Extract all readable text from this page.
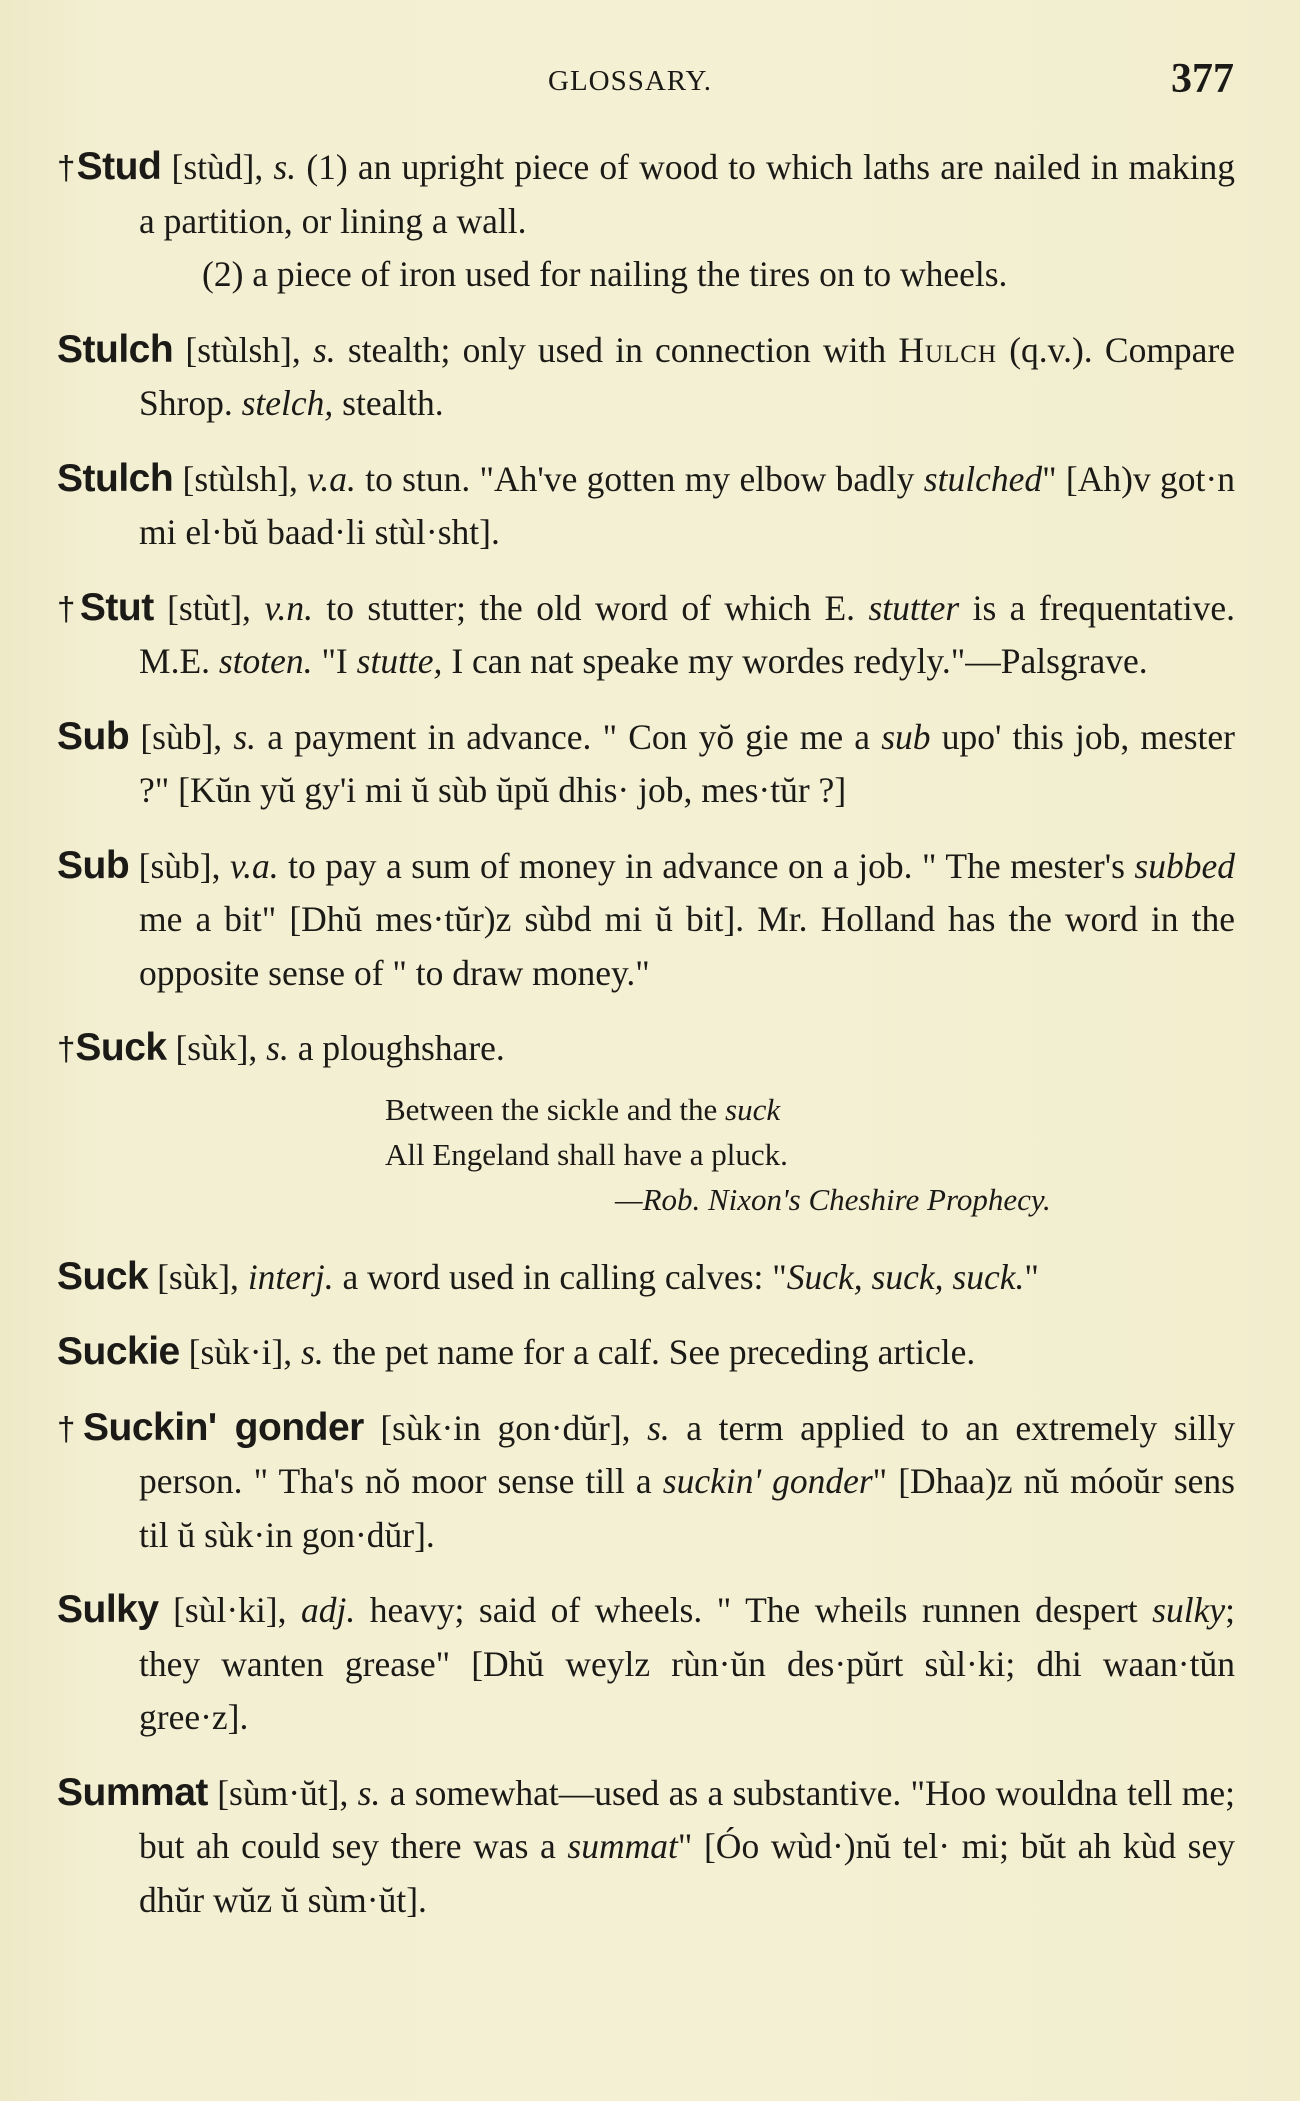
GLOSSARY.	377

†Stud [stùd], s. (1) an upright piece of wood to which laths are nailed in making a partition, or lining a wall.

(2) a piece of iron used for nailing the tires on to wheels.

Stulch [stùlsh], s. stealth; only used in connection with Hulch (q.v.). Compare Shrop. stelch, stealth.

Stulch [stùlsh], v.a. to stun. "Ah've gotten my elbow badly stulched" [Ah)v got·n mi el·bŭ baad·li stùl·sht].

†Stut [stùt], v.n. to stutter; the old word of which E. stutter is a frequentative. M.E. stoten. "I stutte, I can nat speake my wordes redyly."—Palsgrave.

Sub [sùb], s. a payment in advance. " Con yŏ gie me a sub upo' this job, mester ?" [Kŭn yŭ gy'i mi ŭ sùb ŭpŭ dhis· job, mes·tŭr ?]

Sub [sùb], v.a. to pay a sum of money in advance on a job. " The mester's subbed me a bit" [Dhŭ mes·tŭr)z sùbd mi ŭ bit]. Mr. Holland has the word in the opposite sense of " to draw money."

†Suck [sùk], s. a ploughshare.

Between the sickle and the suck
All Engeland shall have a pluck.
—Rob. Nixon's Cheshire Prophecy.

Suck [sùk], interj. a word used in calling calves: "Suck, suck, suck."

Suckie [sùk·i], s. the pet name for a calf. See preceding article.

†Suckin' gonder [sùk·in gon·dŭr], s. a term applied to an extremely silly person. " Tha's nŏ moor sense till a suckin' gonder" [Dhaa)z nŭ móoŭr sens til ŭ sùk·in gon·dŭr].

Sulky [sùl·ki], adj. heavy; said of wheels. " The wheils runnen despert sulky; they wanten grease" [Dhŭ weylz rùn·ŭn des·pŭrt sùl·ki; dhi waan·tŭn gree·z].

Summat [sùm·ŭt], s. a somewhat—used as a substantive. "Hoo wouldna tell me; but ah could sey there was a summat" [Óo wùd·)nŭ tel· mi; bŭt ah kùd sey dhŭr wŭz ŭ sùm·ŭt].
